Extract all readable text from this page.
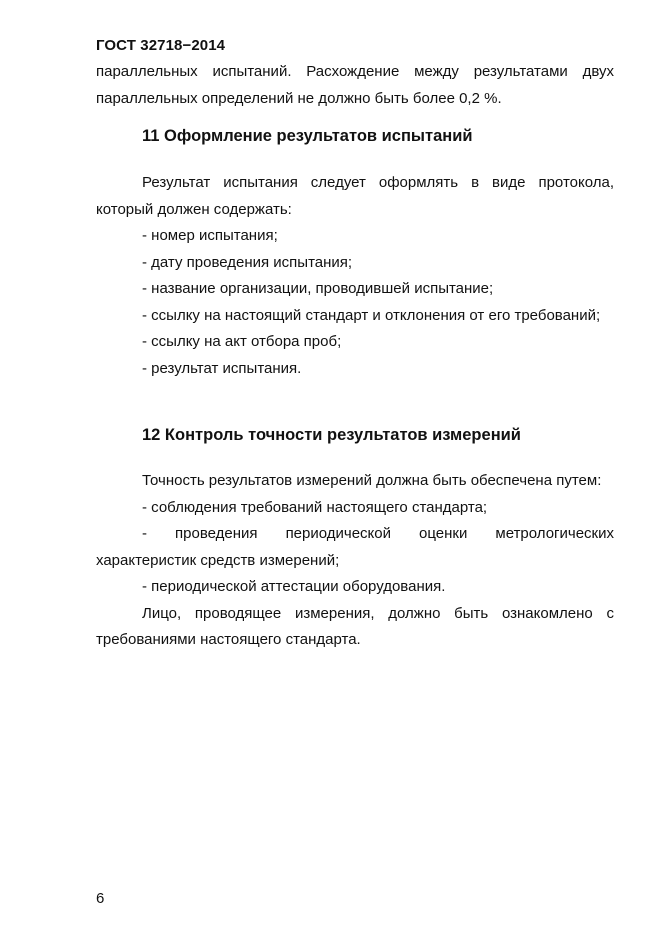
ГОСТ 32718−2014

параллельных испытаний. Расхождение между результатами двух параллельных определений не должно быть более 0,2 %.

11 Оформление результатов испытаний

Результат испытания следует оформлять в виде протокола, который должен содержать:

- номер испытания;

- дату проведения испытания;

- название организации, проводившей испытание;

- ссылку на настоящий стандарт и отклонения от его требований;

- ссылку на акт отбора проб;

- результат испытания.

12 Контроль точности результатов измерений

Точность результатов измерений должна быть обеспечена путем:

- соблюдения требований настоящего стандарта;

- проведения периодической оценки метрологических характеристик средств измерений;

- периодической аттестации оборудования.

Лицо, проводящее измерения, должно быть ознакомлено с требованиями настоящего стандарта.

6
